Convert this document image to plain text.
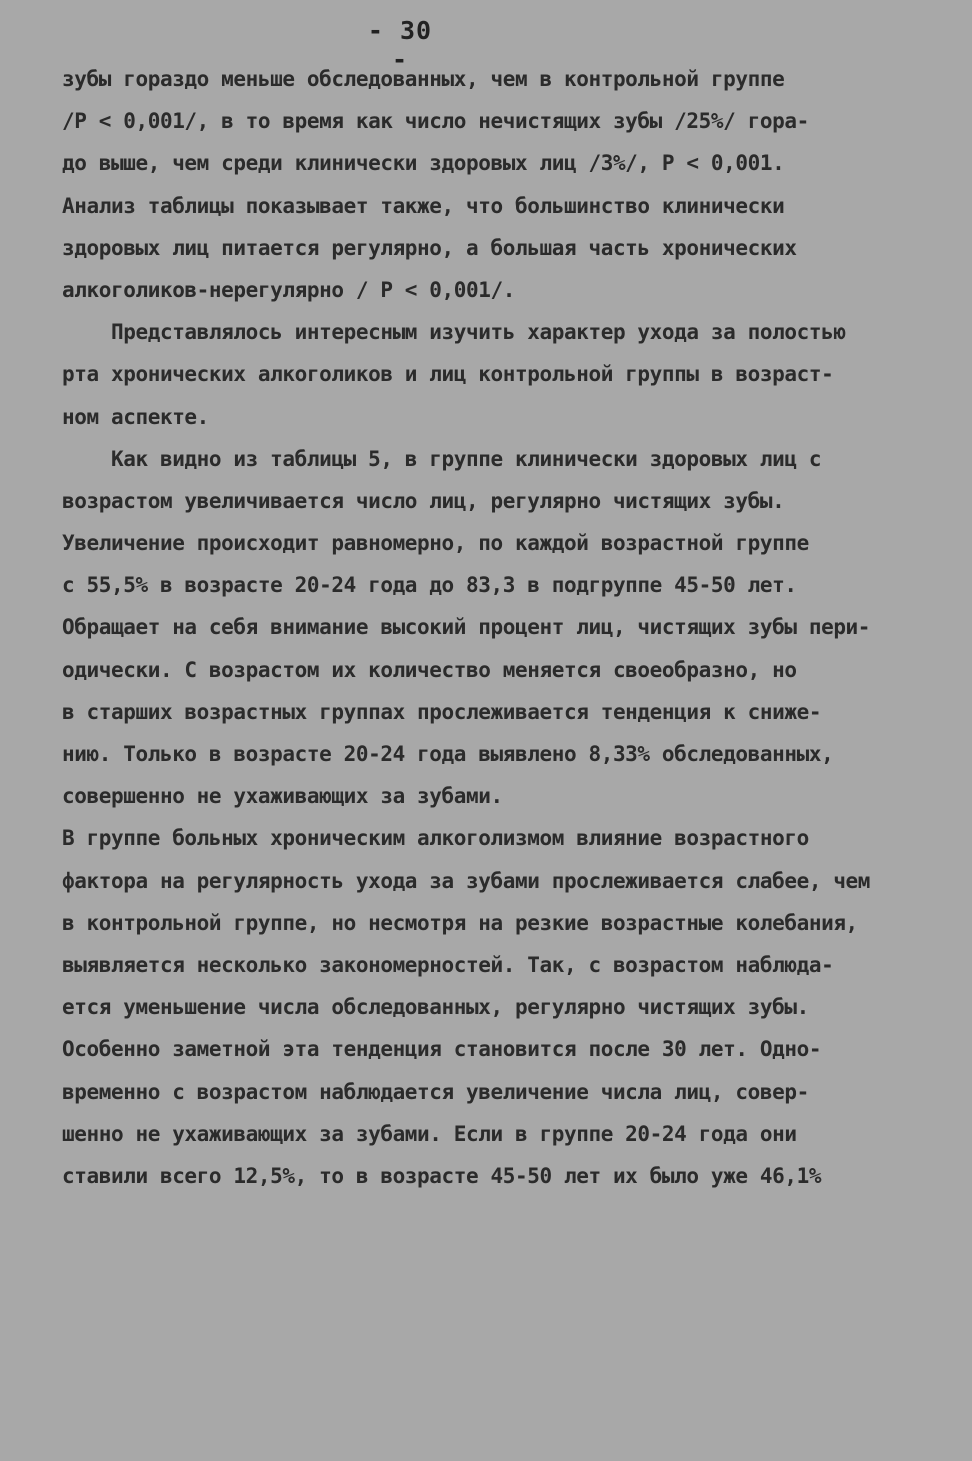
- 30 -
зубы гораздо меньше обследованных, чем в контрольной группе
/P < 0,001/, в то время как число нечистящих зубы /25%/ гора-
до выше, чем среди клинически здоровых лиц /3%/, P < 0,001.
Анализ таблицы показывает также, что большинство клинически
здоровых лиц питается регулярно, а большая часть хронических
алкоголиков-нерегулярно / P < 0,001/.
Представлялось интересным изучить характер ухода за полостью
рта хронических алкоголиков и лиц контрольной группы в возраст-
ном аспекте.
Как видно из таблицы 5, в группе клинически здоровых лиц с
возрастом увеличивается число лиц, регулярно чистящих зубы.
Увеличение происходит равномерно, по каждой возрастной группе
с 55,5% в возрасте 20-24 года до 83,3 в подгруппе 45-50 лет.
Обращает на себя внимание высокий процент лиц, чистящих зубы пери-
одически. С возрастом их количество меняется своеобразно, но
в старших возрастных группах прослеживается тенденция к сниже-
нию. Только в возрасте 20-24 года выявлено 8,33% обследованных,
совершенно не ухаживающих за зубами.
В группе больных хроническим алкоголизмом влияние возрастного
фактора на регулярность ухода за зубами прослеживается слабее, чем
в контрольной группе, но несмотря на резкие возрастные колебания,
выявляется несколько закономерностей. Так, с возрастом наблюда-
ется уменьшение числа обследованных, регулярно чистящих зубы.
Особенно заметной эта тенденция становится после 30 лет. Одно-
временно с возрастом наблюдается увеличение числа лиц, совер-
шенно не ухаживающих за зубами. Если в группе 20-24 года они
ставили всего 12,5%, то в возрасте 45-50 лет их было уже 46,1%
